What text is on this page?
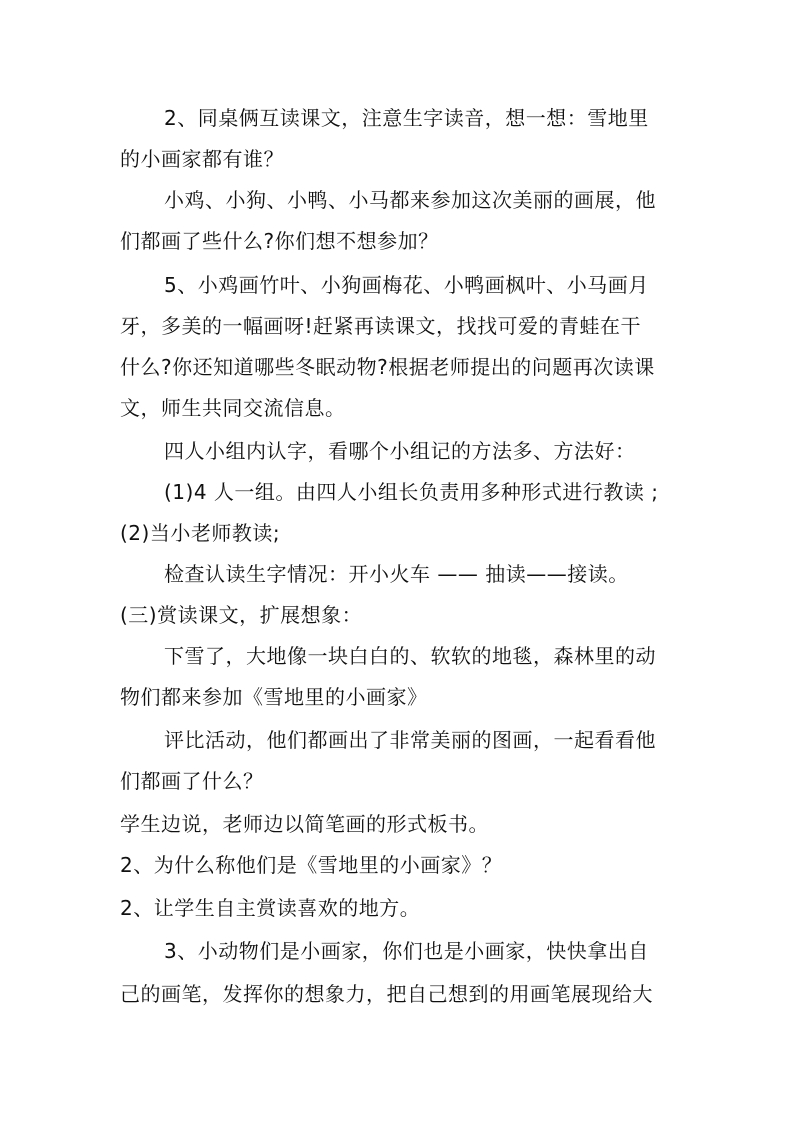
2、同桌俩互读课文，注意生字读音，想一想：雪地里
的小画家都有谁？
小鸡、小狗、小鸭、小马都来参加这次美丽的画展，他
们都画了些什么?你们想不想参加？
5、小鸡画竹叶、小狗画梅花、小鸭画枫叶、小马画月
牙，多美的一幅画呀!赶紧再读课文，找找可爱的青蛙在干
什么?你还知道哪些冬眠动物?根据老师提出的问题再次读课
文，师生共同交流信息。
四人小组内认字，看哪个小组记的方法多、方法好：
(1)4 人一组。由四人小组长负责用多种形式进行教读 ;
(2)当小老师教读;
检查认读生字情况：开小火车 —— 抽读——接读。
(三)赏读课文，扩展想象：
下雪了，大地像一块白白的、软软的地毯，森林里的动
物们都来参加《雪地里的小画家》
评比活动，他们都画出了非常美丽的图画，一起看看他
们都画了什么？
学生边说，老师边以简笔画的形式板书。
2、为什么称他们是《雪地里的小画家》？
2、让学生自主赏读喜欢的地方。
3、小动物们是小画家，你们也是小画家，快快拿出自
己的画笔，发挥你的想象力，把自己想到的用画笔展现给大
